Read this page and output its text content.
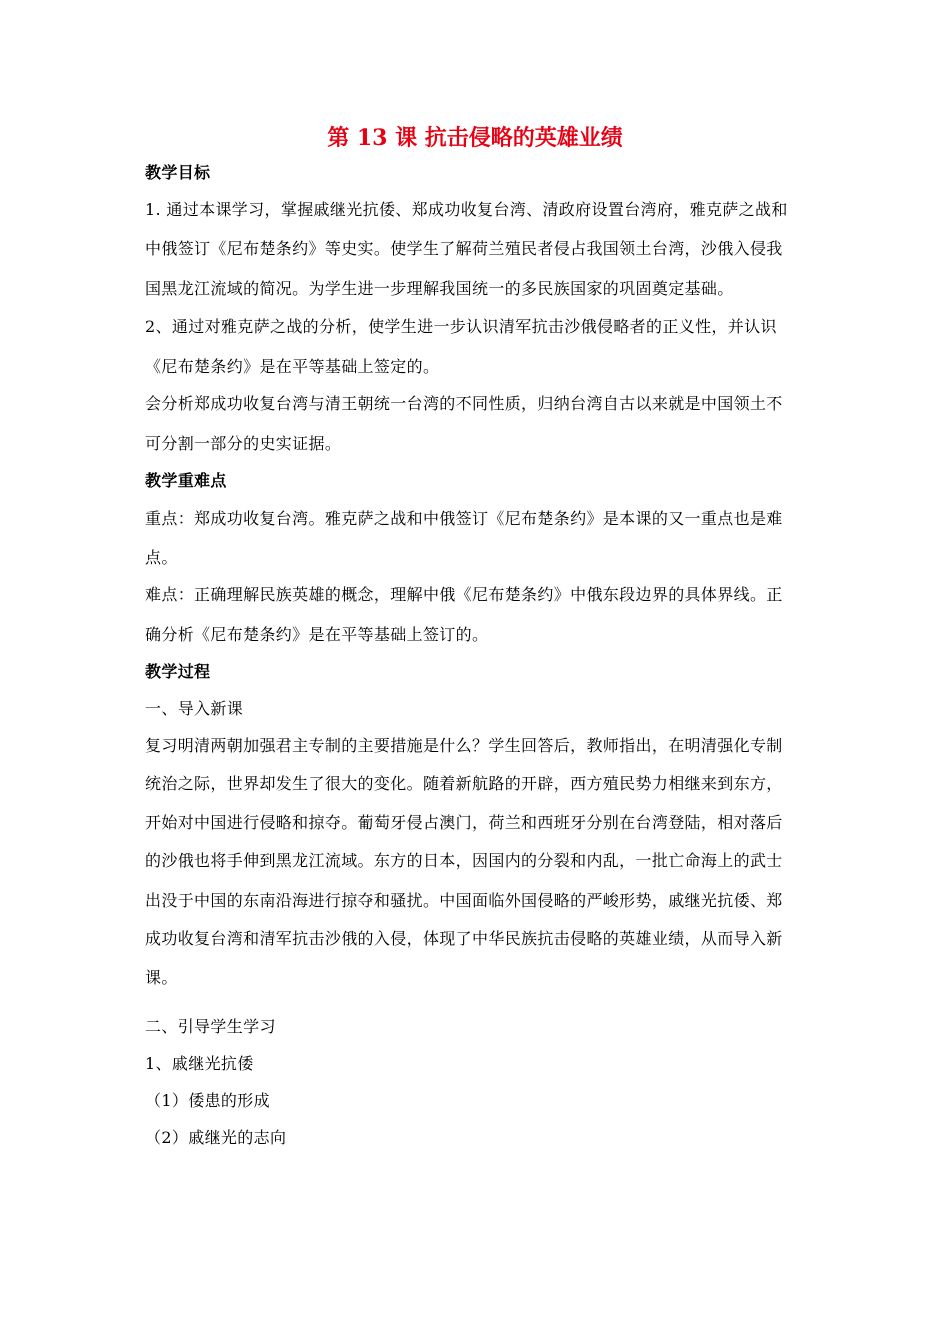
第 13 课 抗击侵略的英雄业绩
教学目标
1. 通过本课学习，掌握戚继光抗倭、郑成功收复台湾、清政府设置台湾府，雅克萨之战和
中俄签订《尼布楚条约》等史实。使学生了解荷兰殖民者侵占我国领土台湾，沙俄入侵我
国黑龙江流域的简况。为学生进一步理解我国统一的多民族国家的巩固奠定基础。
2、通过对雅克萨之战的分析，使学生进一步认识清军抗击沙俄侵略者的正义性，并认识
《尼布楚条约》是在平等基础上签定的。
会分析郑成功收复台湾与清王朝统一台湾的不同性质，归纳台湾自古以来就是中国领土不
可分割一部分的史实证据。
教学重难点
重点：郑成功收复台湾。雅克萨之战和中俄签订《尼布楚条约》是本课的又一重点也是难
点。
难点：正确理解民族英雄的概念，理解中俄《尼布楚条约》中俄东段边界的具体界线。正
确分析《尼布楚条约》是在平等基础上签订的。
教学过程
一、导入新课
复习明清两朝加强君主专制的主要措施是什么？学生回答后，教师指出，在明清强化专制
统治之际，世界却发生了很大的变化。随着新航路的开辟，西方殖民势力相继来到东方，
开始对中国进行侵略和掠夺。葡萄牙侵占澳门，荷兰和西班牙分别在台湾登陆，相对落后
的沙俄也将手伸到黑龙江流域。东方的日本，因国内的分裂和内乱，一批亡命海上的武士
出没于中国的东南沿海进行掠夺和骚扰。中国面临外国侵略的严峻形势，戚继光抗倭、郑
成功收复台湾和清军抗击沙俄的入侵，体现了中华民族抗击侵略的英雄业绩，从而导入新
课。
二、引导学生学习
1、戚继光抗倭
（1）倭患的形成
（2）戚继光的志向
